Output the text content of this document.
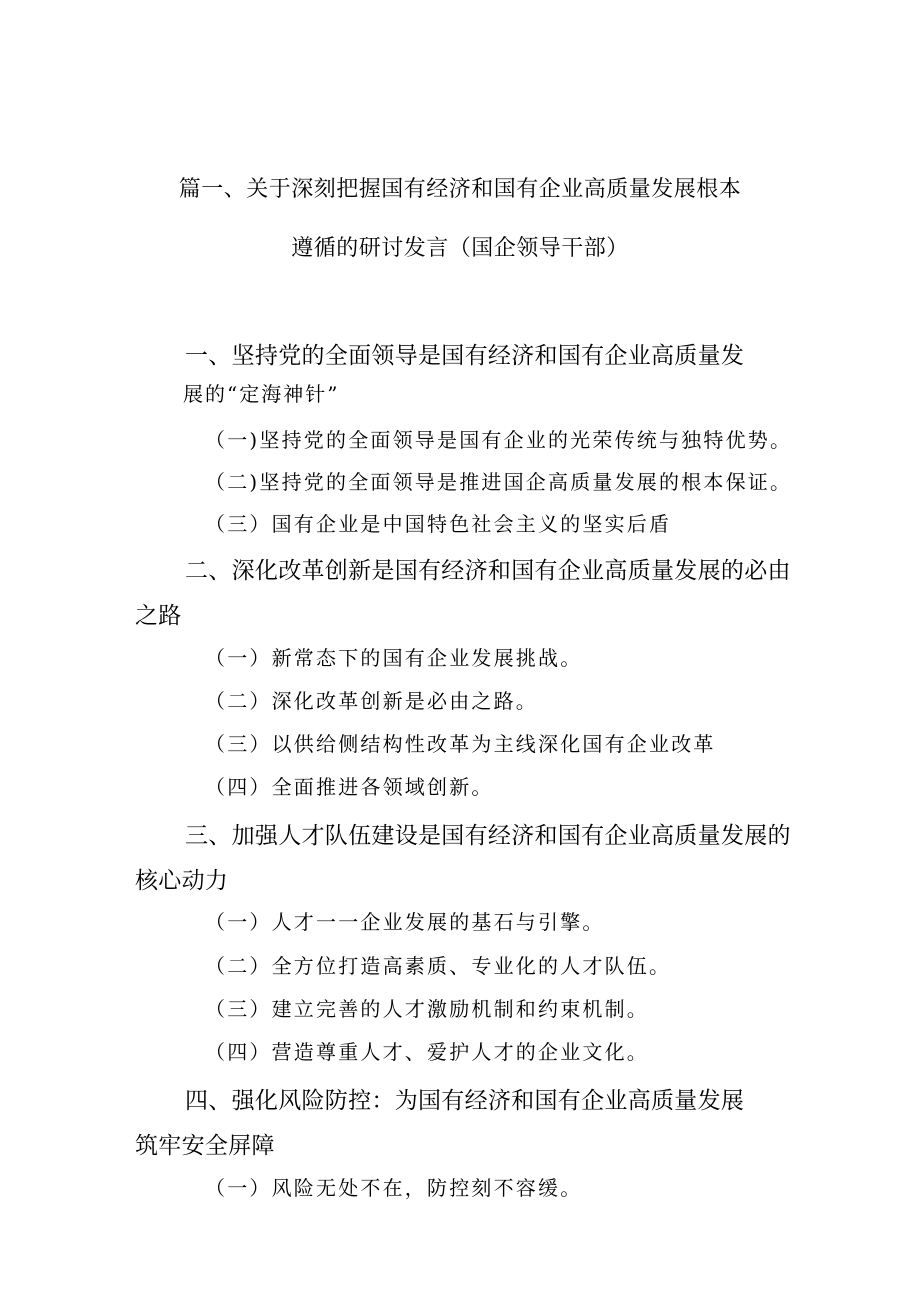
篇一、关于深刻把握国有经济和国有企业高质量发展根本
遵循的研讨发言（国企领导干部）
一、坚持党的全面领导是国有经济和国有企业高质量发
展的“定海神针”
（一)坚持党的全面领导是国有企业的光荣传统与独特优势。
（二)坚持党的全面领导是推进国企高质量发展的根本保证。
（三）国有企业是中国特色社会主义的坚实后盾
二、深化改革创新是国有经济和国有企业高质量发展的必由
之路
（一）新常态下的国有企业发展挑战。
（二）深化改革创新是必由之路。
（三）以供给侧结构性改革为主线深化国有企业改革
（四）全面推进各领域创新。
三、加强人才队伍建设是国有经济和国有企业高质量发展的
核心动力
（一）人才一一企业发展的基石与引擎。
（二）全方位打造高素质、专业化的人才队伍。
（三）建立完善的人才激励机制和约束机制。
（四）营造尊重人才、爱护人才的企业文化。
四、强化风险防控：为国有经济和国有企业高质量发展
筑牢安全屏障
（一）风险无处不在，防控刻不容缓。
